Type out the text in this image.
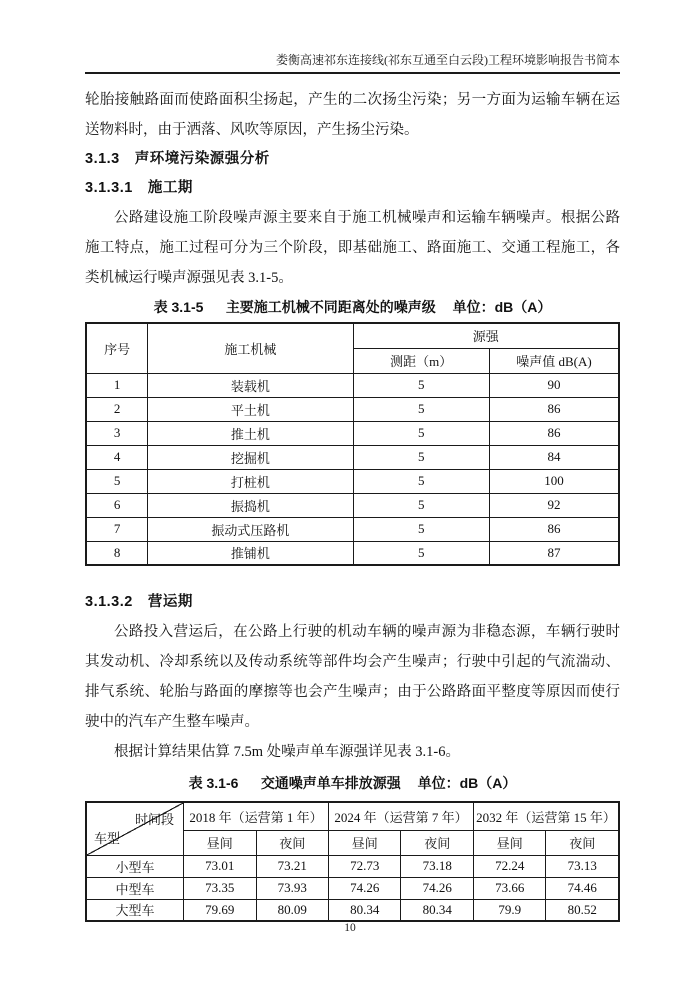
娄衡高速祁东连接线(祁东互通至白云段)工程环境影响报告书简本

轮胎接触路面而使路面积尘扬起，产生的二次扬尘污染；另一方面为运输车辆在运送物料时，由于洒落、风吹等原因，产生扬尘污染。

3.1.3　声环境污染源强分析
3.1.3.1　施工期

公路建设施工阶段噪声源主要来自于施工机械噪声和运输车辆噪声。根据公路施工特点，施工过程可分为三个阶段，即基础施工、路面施工、交通工程施工，各类机械运行噪声源强见表 3.1-5。

表 3.1-5 主要施工机械不同距离处的噪声级 单位：dB（A）
序号	施工机械	源强	
		测距（m）	噪声值 dB(A)
1	装载机	5	90
2	平土机	5	86
3	推土机	5	86
4	挖掘机	5	84
5	打桩机	5	100
6	振捣机	5	92
7	振动式压路机	5	86
8	推铺机	5	87
3.1.3.2　营运期

公路投入营运后，在公路上行驶的机动车辆的噪声源为非稳态源，车辆行驶时其发动机、冷却系统以及传动系统等部件均会产生噪声；行驶中引起的气流湍动、排气系统、轮胎与路面的摩擦等也会产生噪声；由于公路路面平整度等原因而使行驶中的汽车产生整车噪声。

根据计算结果估算 7.5m 处噪声单车源强详见表 3.1-6。

表 3.1-6 交通噪声单车排放源强 单位：dB（A）
时间段
车型	2018 年（运营第 1 年）		2024 年（运营第 7 年）		2032 年（运营第 15 年）	
	昼间	夜间	昼间	夜间	昼间	夜间
小型车	73.01	73.21	72.73	73.18	72.24	73.13
中型车	73.35	73.93	74.26	74.26	73.66	74.46
大型车	79.69	80.09	80.34	80.34	79.9	80.52
10
